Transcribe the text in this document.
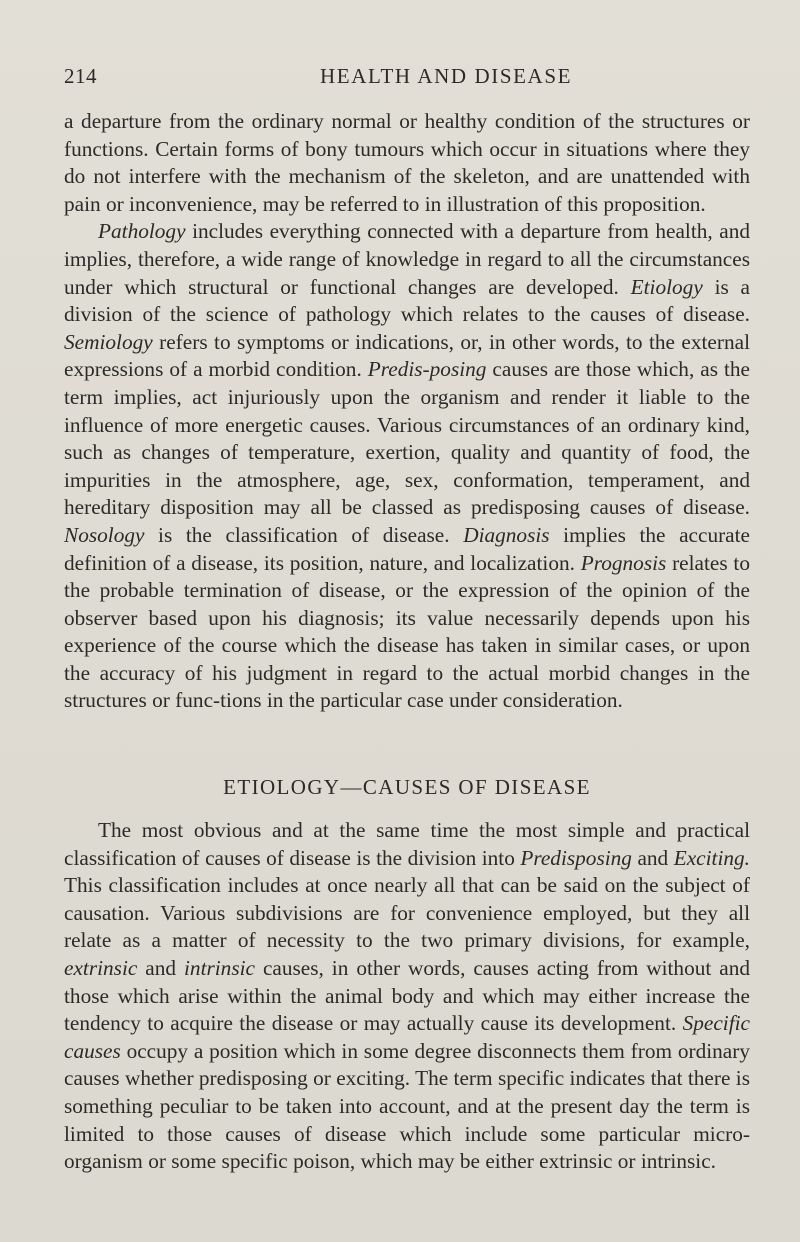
214	HEALTH AND DISEASE

a departure from the ordinary normal or healthy condition of the structures or functions. Certain forms of bony tumours which occur in situations where they do not interfere with the mechanism of the skeleton, and are unattended with pain or inconvenience, may be referred to in illustration of this proposition.

Pathology includes everything connected with a departure from health, and implies, therefore, a wide range of knowledge in regard to all the circumstances under which structural or functional changes are developed. Etiology is a division of the science of pathology which relates to the causes of disease. Semiology refers to symptoms or indications, or, in other words, to the external expressions of a morbid condition. Predis-posing causes are those which, as the term implies, act injuriously upon the organism and render it liable to the influence of more energetic causes. Various circumstances of an ordinary kind, such as changes of temperature, exertion, quality and quantity of food, the impurities in the atmosphere, age, sex, conformation, temperament, and hereditary disposition may all be classed as predisposing causes of disease. Nosology is the classification of disease. Diagnosis implies the accurate definition of a disease, its position, nature, and localization. Prognosis relates to the probable termination of disease, or the expression of the opinion of the observer based upon his diagnosis; its value necessarily depends upon his experience of the course which the disease has taken in similar cases, or upon the accuracy of his judgment in regard to the actual morbid changes in the structures or func-tions in the particular case under consideration.

ETIOLOGY—CAUSES OF DISEASE

The most obvious and at the same time the most simple and practical classification of causes of disease is the division into Predisposing and Exciting. This classification includes at once nearly all that can be said on the subject of causation. Various subdivisions are for convenience employed, but they all relate as a matter of necessity to the two primary divisions, for example, extrinsic and intrinsic causes, in other words, causes acting from without and those which arise within the animal body and which may either increase the tendency to acquire the disease or may actually cause its development. Specific causes occupy a position which in some degree disconnects them from ordinary causes whether predisposing or exciting. The term specific indicates that there is something peculiar to be taken into account, and at the present day the term is limited to those causes of disease which include some particular micro-organism or some specific poison, which may be either extrinsic or intrinsic.
